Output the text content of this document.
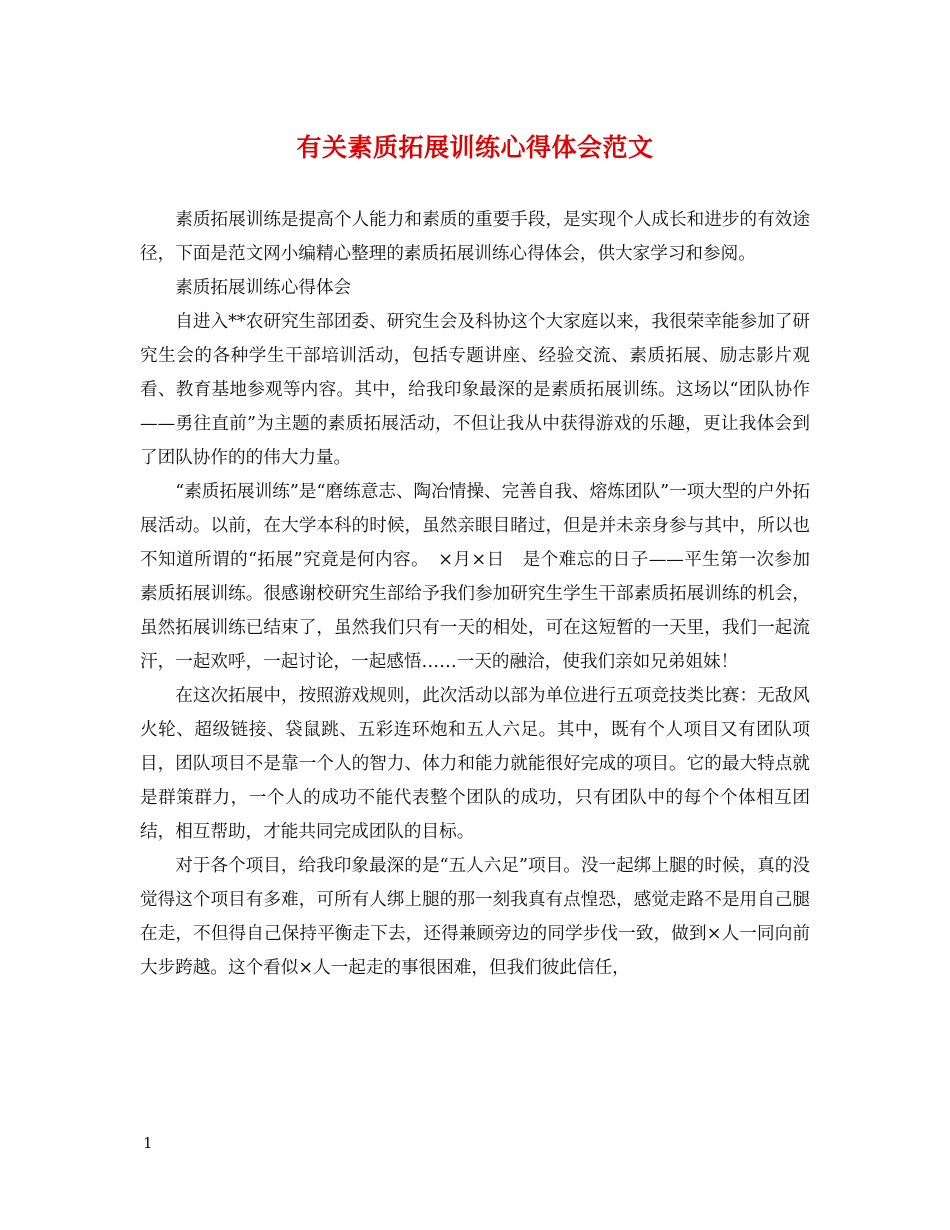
有关素质拓展训练心得体会范文

素质拓展训练是提高个人能力和素质的重要手段，是实现个人成长和进步的有效途径，下面是范文网小编精心整理的素质拓展训练心得体会，供大家学习和参阅。

素质拓展训练心得体会

自进入**农研究生部团委、研究生会及科协这个大家庭以来，我很荣幸能参加了研究生会的各种学生干部培训活动，包括专题讲座、经验交流、素质拓展、励志影片观看、教育基地参观等内容。其中，给我印象最深的是素质拓展训练。这场以“团队协作——勇往直前”为主题的素质拓展活动，不但让我从中获得游戏的乐趣，更让我体会到了团队协作的的伟大力量。

“素质拓展训练”是“磨练意志、陶冶情操、完善自我、熔炼团队”一项大型的户外拓展活动。以前，在大学本科的时候，虽然亲眼目睹过，但是并未亲身参与其中，所以也不知道所谓的“拓展”究竟是何内容。　×月×日　是个难忘的日子——平生第一次参加素质拓展训练。很感谢校研究生部给予我们参加研究生学生干部素质拓展训练的机会，虽然拓展训练已结束了，虽然我们只有一天的相处，可在这短暂的一天里，我们一起流汗，一起欢呼，一起讨论，一起感悟……一天的融洽，使我们亲如兄弟姐妹！

在这次拓展中，按照游戏规则，此次活动以部为单位进行五项竞技类比赛：无敌风火轮、超级链接、袋鼠跳、五彩连环炮和五人六足。其中，既有个人项目又有团队项目，团队项目不是靠一个人的智力、体力和能力就能很好完成的项目。它的最大特点就是群策群力，一个人的成功不能代表整个团队的成功，只有团队中的每个个体相互团结，相互帮助，才能共同完成团队的目标。

对于各个项目，给我印象最深的是“五人六足”项目。没一起绑上腿的时候，真的没觉得这个项目有多难，可所有人绑上腿的那一刻我真有点惶恐，感觉走路不是用自己腿在走，不但得自己保持平衡走下去，还得兼顾旁边的同学步伐一致，做到×人一同向前大步跨越。这个看似×人一起走的事很困难，但我们彼此信任，

1
